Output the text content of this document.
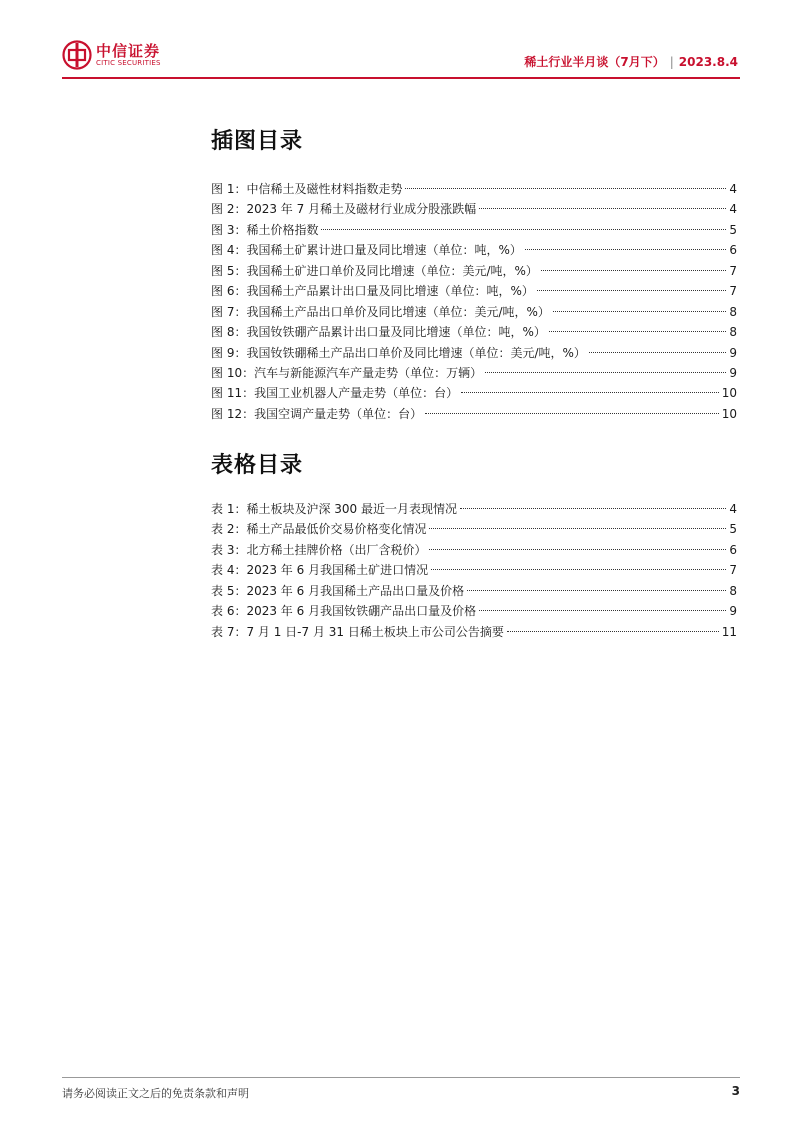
中信证券
CITIC SECURITIES	稀土行业半月谈（7月下） | 2023.8.4
插图目录
图 1：中信稀土及磁性材料指数走势	4
图 2：2023 年 7 月稀土及磁材行业成分股涨跌幅	4
图 3：稀土价格指数	5
图 4：我国稀土矿累计进口量及同比增速（单位：吨，%）	6
图 5：我国稀土矿进口单价及同比增速（单位：美元/吨，%）	7
图 6：我国稀土产品累计出口量及同比增速（单位：吨，%）	7
图 7：我国稀土产品出口单价及同比增速（单位：美元/吨，%）	8
图 8：我国钕铁硼产品累计出口量及同比增速（单位：吨，%）	8
图 9：我国钕铁硼稀土产品出口单价及同比增速（单位：美元/吨，%）	9
图 10：汽车与新能源汽车产量走势（单位：万辆）	9
图 11：我国工业机器人产量走势（单位：台）	10
图 12：我国空调产量走势（单位：台）	10
表格目录
表 1：稀土板块及沪深 300 最近一月表现情况	4
表 2：稀土产品最低价交易价格变化情况	5
表 3：北方稀土挂牌价格（出厂含税价）	6
表 4：2023 年 6 月我国稀土矿进口情况	7
表 5：2023 年 6 月我国稀土产品出口量及价格	8
表 6：2023 年 6 月我国钕铁硼产品出口量及价格	9
表 7：7 月 1 日-7 月 31 日稀土板块上市公司公告摘要	11
请务必阅读正文之后的免责条款和声明	3
